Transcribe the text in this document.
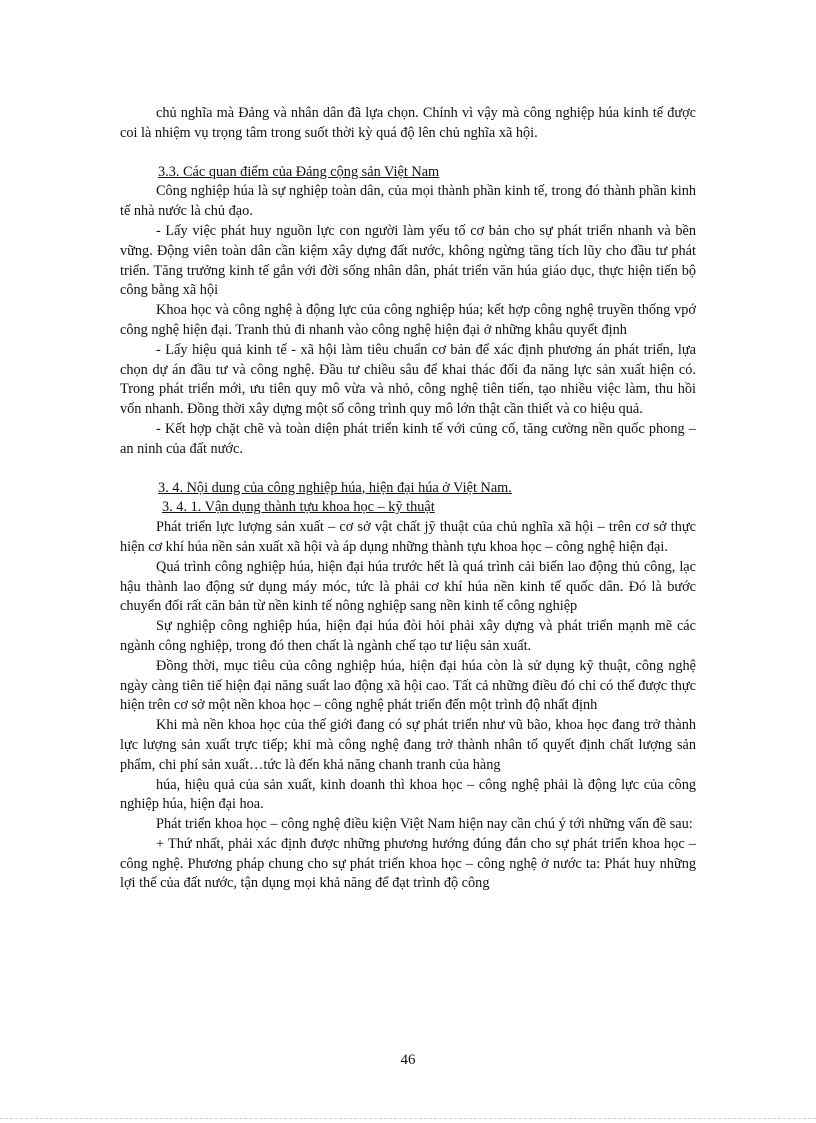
chủ nghĩa mà Đảng và nhân dân đã lựa chọn. Chính vì vậy mà công nghiệp húa kinh tế được coi là nhiệm vụ trọng tâm trong suốt thời kỳ quá độ lên chủ nghĩa xã hội.

3.3. Các quan điểm của Đảng cộng sản Việt Nam

Công nghiệp húa là sự nghiệp toàn dân, của mọi thành phần kinh tế, trong đó thành phần kinh tế nhà nước là chủ đạo.

- Lấy việc phát huy nguồn lực con người làm yếu tố cơ bản cho sự phát triển nhanh và bền vững. Động viên toàn dân cần kiệm xây dựng đất nước, không ngừng tăng tích lũy cho đầu tư phát triển. Tăng trưởng kinh tế gắn với đời sống nhân dân, phát triển văn húa giáo dục, thực hiện tiến bộ công bằng xã hội

Khoa học và công nghệ à động lực của công nghiệp húa; kết hợp công nghệ truyền thống vpớ công nghệ hiện đại. Tranh thủ đi nhanh vào công nghệ hiện đại ở những khâu quyết định

- Lấy hiệu quả kinh tế - xã hội làm tiêu chuẩn cơ bản để xác định phương án phát triển, lựa chọn dự án đầu tư và công nghệ. Đầu tư chiều sâu để khai thác đối đa năng lực sản xuất hiện có. Trong phát triển mới, ưu tiên quy mô vừa và nhỏ, công nghệ tiên tiến, tạo nhiều việc làm, thu hồi vốn nhanh. Đồng thời xây dựng một số công trình quy mô lớn thật cần thiết và co hiệu quả.

- Kết hợp chặt chẽ và toàn diện phát triển kinh tế với củng cố, tăng cường nền quốc phong – an ninh của đất nước.

3. 4. Nội dung của công nghiệp húa, hiện đại húa ở Việt Nam.

3. 4. 1. Vận dụng thành tựu khoa học – kỹ thuật

Phát triển lực lượng sản xuất – cơ sở vật chất jỹ thuật của chủ nghĩa xã hội – trên cơ sở thực hiện cơ khí húa nền sản xuất xã hội và áp dụng những thành tựu khoa học – công nghệ hiện đại.

Quá trình công nghiệp húa, hiện đại húa trước hết là quá trình cải biến lao động thủ công, lạc hậu thành lao động sử dụng máy móc, tức là phải cơ khí húa nền kinh tế quốc dân. Đó là bước chuyển đổi rất căn bản từ nền kinh tế nông nghiệp sang nền kinh tế công nghiệp

Sự nghiệp công nghiệp húa, hiện đại húa đòi hỏi phải xây dựng và phát triển mạnh mẽ các ngành công nghiệp, trong đó then chất là ngành chế tạo tư liệu sản xuất.

Đồng thời, mục tiêu của công nghiệp húa, hiện đại húa còn là sử dụng kỹ thuật, công nghệ ngày càng tiên tiế hiện đại năng suất lao động xã hội cao. Tất cả những điều đó chỉ có thể được thực hiện trên cơ sở một nền khoa học – công nghệ phát triển đến một trình độ nhất định

Khi mà nền khoa học của thế giới đang có sự phát triển như vũ bão, khoa học đang trở thành lực lượng sản xuất trực tiếp; khi mà công nghệ đang trở thành nhân tố quyết định chất lượng sản phẩm, chi phí sản xuất…tức là đến khả năng chanh tranh của hàng

húa, hiệu quả của sản xuất, kinh doanh thì khoa học – công nghệ phải là động lực của công nghiệp húa, hiện đại hoa.

Phát triển khoa học – công nghệ điều kiện Việt Nam hiện nay cần chú ý tới những vấn đề sau:

+ Thứ nhất, phải xác định được những phương hướng đúng đắn cho sự phát triển khoa học – công nghệ. Phương pháp chung cho sự phát triển khoa học – công nghệ ở nước ta: Phát huy những lợi thế của đất nước, tận dụng mọi khả năng để đạt trình độ công

46
